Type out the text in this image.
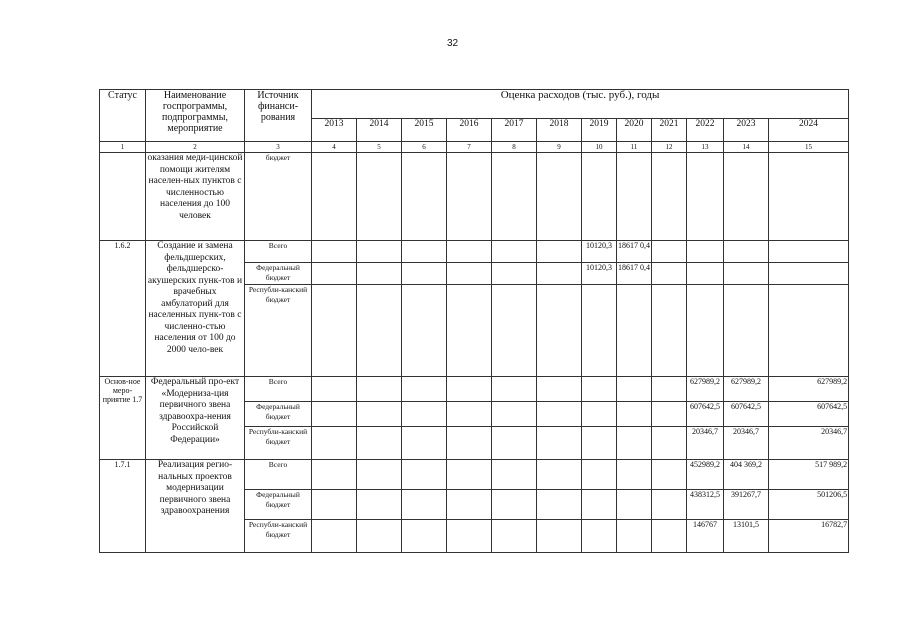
32
Статус	Наименование госпрограммы, подпрограммы, мероприятие	Источник финанси-рования	Оценка расходов (тыс. руб.), годы											
			2013	2014	2015	2016	2017	2018	2019	2020	2021	2022	2023	2024
1	2	3	4	5	6	7	8	9	10	11	12	13	14	15
	оказания меди-цинской помощи жителям населен-ных пунктов с численностью населения до 100 человек	бюджет												
1.6.2	Создание и замена фельдшерских, фельдшерско-акушерских пунк-тов и врачебных амбулаторий для населенных пунк-тов с численно-стью населения от 100 до 2000 чело-век	Всего							10120,3	18617 0,4				
		Федеральный бюджет							10120,3	18617 0,4				
		Республи-канский бюджет												
Основ-ное меро-приятие 1.7	Федеральный про-ект «Модерниза-ция первичного звена здравоохра-нения Российской Федерации»	Всего										627989,2	627989,2	627989,2
		Федеральный бюджет										607642,5	607642,5	607642,5
		Республи-канский бюджет										20346,7	20346,7	20346,7
1.7.1	Реализация регио-нальных проектов модернизации первичного звена здравоохранения	Всего										452989,2	404 369,2	517 989,2
		Федеральный бюджет										438312,5	391267,7	501206,5
		Республи-канский бюджет										146767	13101,5	16782,7
